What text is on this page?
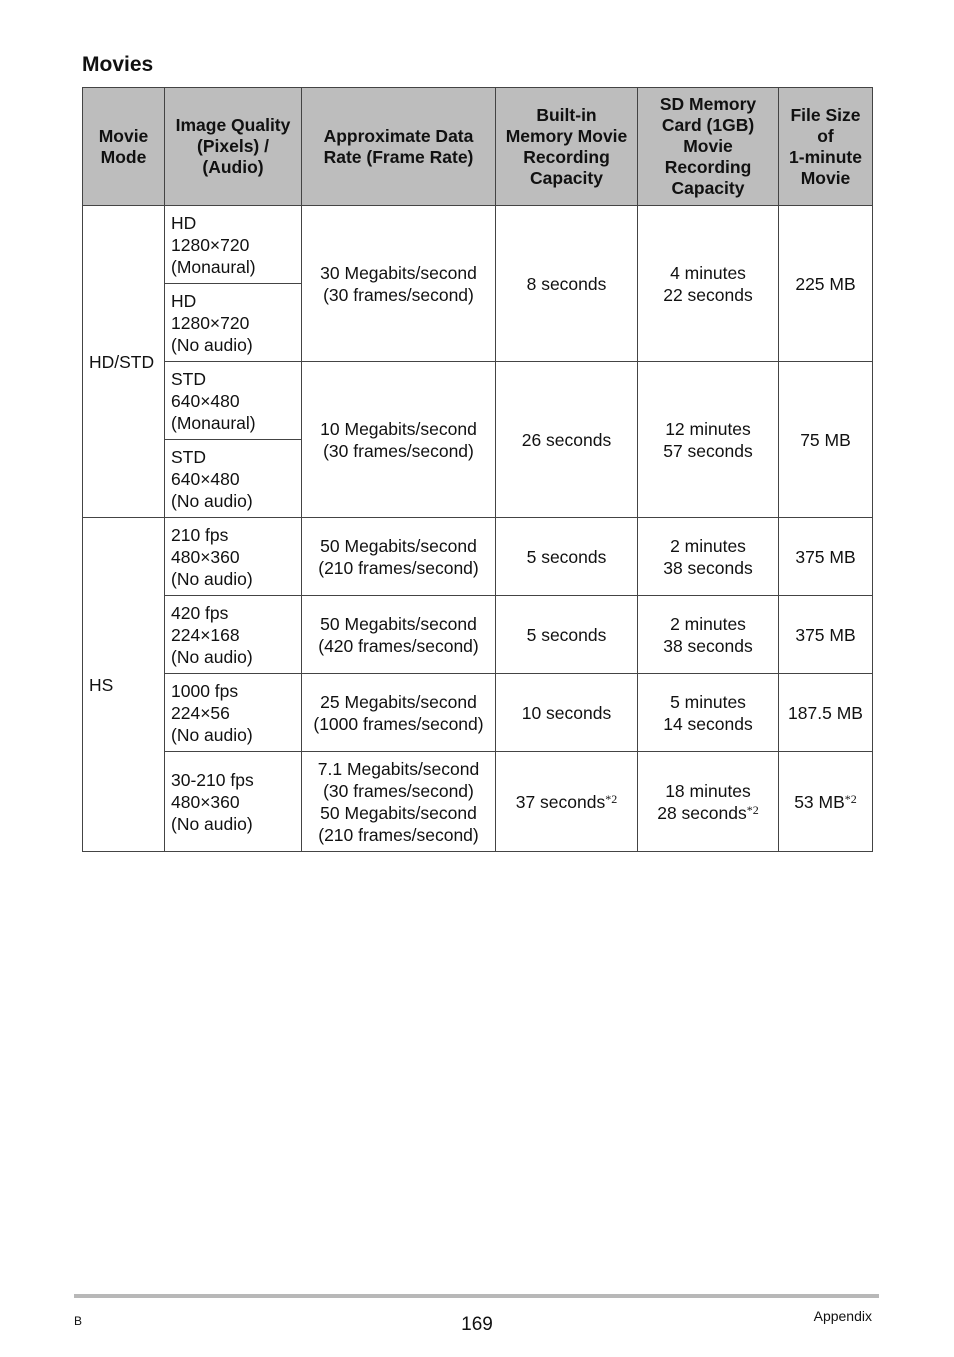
Movies
Movie
Mode	Image Quality
(Pixels) /
(Audio)	Approximate Data
Rate (Frame Rate)	Built-in
Memory Movie
Recording
Capacity	SD Memory
Card (1GB)
Movie
Recording
Capacity	File Size
of
1-minute
Movie
HD/STD	HD
1280×720
(Monaural)	30 Megabits/second
(30 frames/second)	8 seconds	4 minutes
22 seconds	225 MB
	HD
1280×720
(No audio)				
	STD
640×480
(Monaural)	10 Megabits/second
(30 frames/second)	26 seconds	12 minutes
57 seconds	75 MB
	STD
640×480
(No audio)				
HS	210 fps
480×360
(No audio)	50 Megabits/second
(210 frames/second)	5 seconds	2 minutes
38 seconds	375 MB
	420 fps
224×168
(No audio)	50 Megabits/second
(420 frames/second)	5 seconds	2 minutes
38 seconds	375 MB
	1000 fps
224×56
(No audio)	25 Megabits/second
(1000 frames/second)	10 seconds	5 minutes
14 seconds	187.5 MB
	30-210 fps
480×360
(No audio)	7.1 Megabits/second
(30 frames/second)
50 Megabits/second
(210 frames/second)	37 seconds$^{*2}$	18 minutes
28 seconds$^{*2}$	53 MB$^{*2}$
B	169	Appendix
